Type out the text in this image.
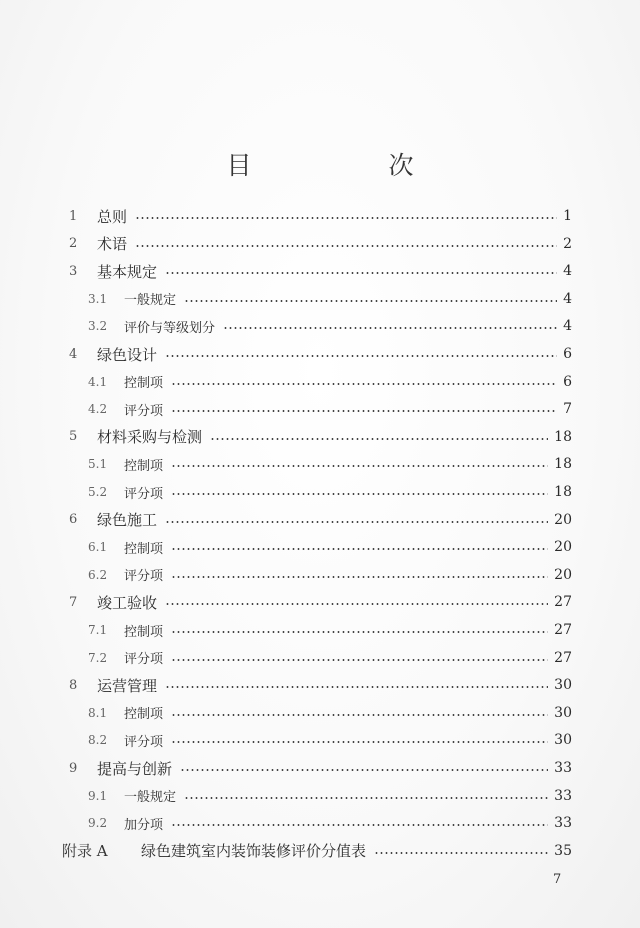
目　次
1 总则	1
2 术语	2
3 基本规定	4
3.1 一般规定	4
3.2 评价与等级划分	4
4 绿色设计	6
4.1 控制项	6
4.2 评分项	7
5 材料采购与检测	18
5.1 控制项	18
5.2 评分项	18
6 绿色施工	20
6.1 控制项	20
6.2 评分项	20
7 竣工验收	27
7.1 控制项	27
7.2 评分项	27
8 运营管理	30
8.1 控制项	30
8.2 评分项	30
9 提高与创新	33
9.1 一般规定	33
9.2 加分项	33
附录 A 绿色建筑室内装饰装修评价分值表	35
7
